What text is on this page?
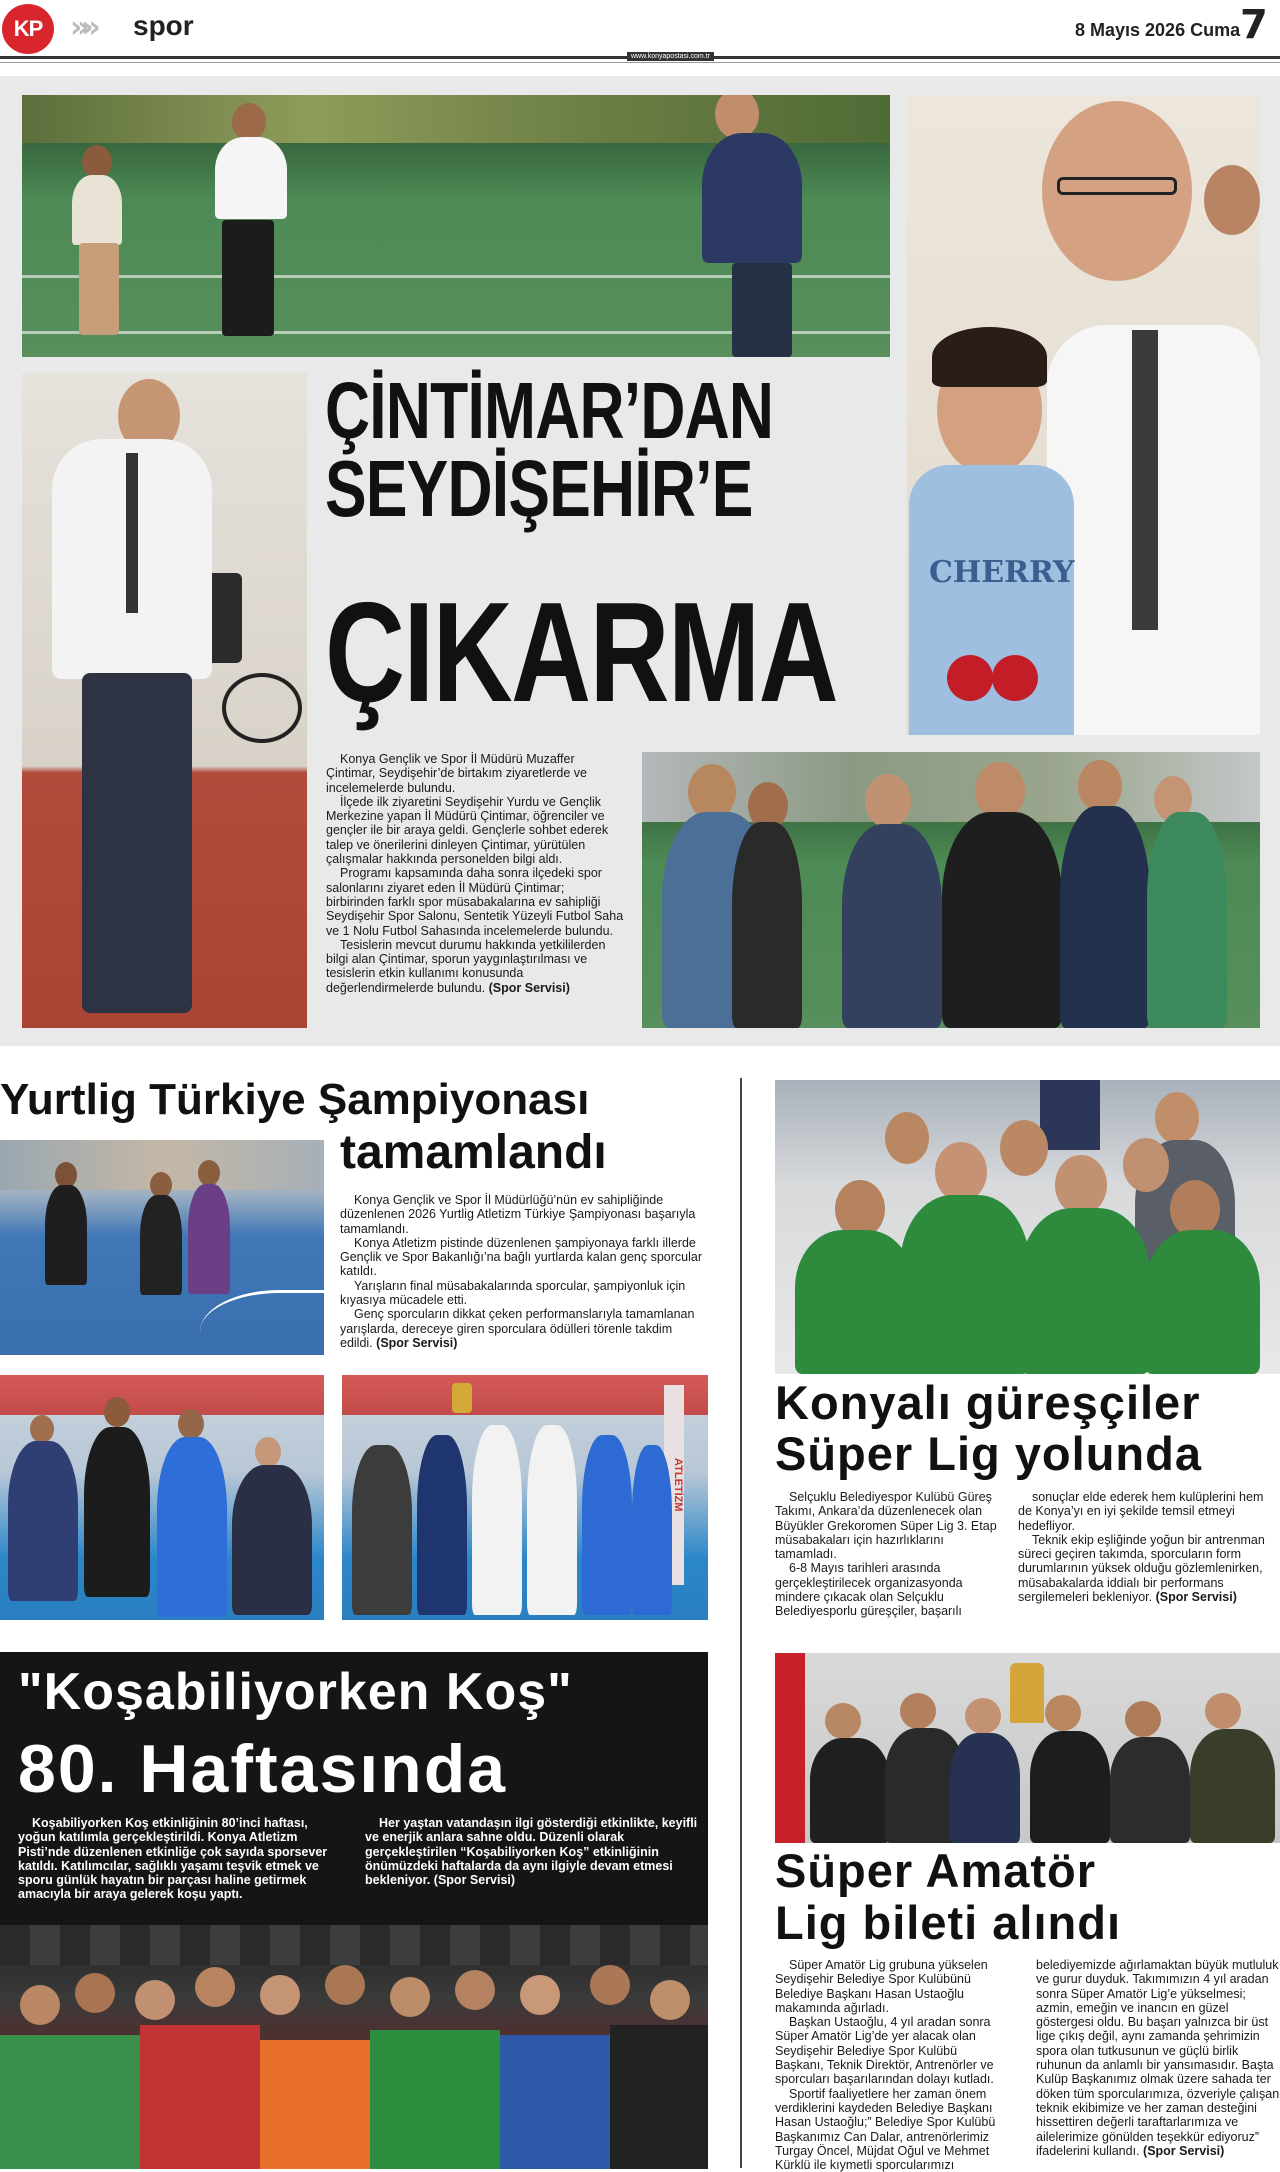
KP »» spor	8 Mayıs 2026 Cuma 7
www.konyapostasi.com.tr
CHERRY
ÇİNTİMAR’DAN
SEYDİŞEHİR’E
ÇIKARMA

Konya Gençlik ve Spor İl Müdürü Muzaffer Çintimar, Seydişehir’de birtakım ziyaretlerde ve incelemelerde bulundu.

İlçede ilk ziyaretini Seydişehir Yurdu ve Gençlik Merkezine yapan İl Müdürü Çintimar, öğrenciler ve gençler ile bir araya geldi. Gençlerle sohbet ederek talep ve önerilerini dinleyen Çintimar, yürütülen çalışmalar hakkında personelden bilgi aldı.

Programı kapsamında daha sonra ilçedeki spor salonlarını ziyaret eden İl Müdürü Çintimar; birbirinden farklı spor müsabakalarına ev sahipliği Seydişehir Spor Salonu, Sentetik Yüzeyli Futbol Saha ve 1 Nolu Futbol Sahasında incelemelerde bulundu.

Tesislerin mevcut durumu hakkında yetkililerden bilgi alan Çintimar, sporun yaygınlaştırılması ve tesislerin etkin kullanımı konusunda değerlendirmelerde bulundu. (Spor Servisi)

Yurtlig Türkiye Şampiyonası
tamamlandı

Konya Gençlik ve Spor İl Müdürlüğü’nün ev sahipliğinde düzenlenen 2026 Yurtlig Atletizm Türkiye Şampiyonası başarıyla tamamlandı.

Konya Atletizm pistinde düzenlenen şampiyonaya farklı illerde Gençlik ve Spor Bakanlığı’na bağlı yurtlarda kalan genç sporcular katıldı.

Yarışların final müsabakalarında sporcular, şampiyonluk için kıyasıya mücadele etti.

Genç sporcuların dikkat çeken performanslarıyla tamamlanan yarışlarda, dereceye giren sporculara ödülleri törenle takdim edildi. (Spor Servisi)

ATLETİZM
Konyalı güreşçiler
Süper Lig yolunda

Selçuklu Belediyespor Kulübü Güreş Takımı, Ankara’da düzenlenecek olan Büyükler Grekoromen Süper Lig 3. Etap müsabakaları için hazırlıklarını tamamladı.

6-8 Mayıs tarihleri arasında gerçekleştirilecek organizasyonda mindere çıkacak olan Selçuklu Belediyesporlu güreşçiler, başarılı

sonuçlar elde ederek hem kulüplerini hem de Konya’yı en iyi şekilde temsil etmeyi hedefliyor.

Teknik ekip eşliğinde yoğun bir antrenman süreci geçiren takımda, sporcuların form durumlarının yüksek olduğu gözlemlenirken, müsabakalarda iddialı bir performans sergilemeleri bekleniyor. (Spor Servisi)

"Koşabiliyorken Koş"
80. Haftasında

Koşabiliyorken Koş etkinliğinin 80’inci haftası, yoğun katılımla gerçekleştirildi. Konya Atletizm Pisti’nde düzenlenen etkinliğe çok sayıda sporsever katıldı. Katılımcılar, sağlıklı yaşamı teşvik etmek ve sporu günlük hayatın bir parçası haline getirmek amacıyla bir araya gelerek koşu yaptı.

Her yaştan vatandaşın ilgi gösterdiği etkinlikte, keyifli ve enerjik anlara sahne oldu. Düzenli olarak gerçekleştirilen “Koşabiliyorken Koş” etkinliğinin önümüzdeki haftalarda da aynı ilgiyle devam etmesi bekleniyor. (Spor Servisi)	Süper Amatör
Lig bileti alındı

Süper Amatör Lig grubuna yükselen Seydişehir Belediye Spor Kulübünü Belediye Başkanı Hasan Ustaoğlu makamında ağırladı.

Başkan Ustaoğlu, 4 yıl aradan sonra Süper Amatör Lig’de yer alacak olan Seydişehir Belediye Spor Kulübü Başkanı, Teknik Direktör, Antrenörler ve sporcuları başarılarından dolayı kutladı.

Sportif faaliyetlere her zaman önem verdiklerini kaydeden Belediye Başkanı Hasan Ustaoğlu;” Belediye Spor Kulübü Başkanımız Can Dalar, antrenörlerimiz Turgay Öncel, Müjdat Oğul ve Mehmet Kürklü ile kıymetli sporcularımızı

belediyemizde ağırlamaktan büyük mutluluk ve gurur duyduk. Takımımızın 4 yıl aradan sonra Süper Amatör Lig’e yükselmesi; azmin, emeğin ve inancın en güzel göstergesi oldu. Bu başarı yalnızca bir üst lige çıkış değil, aynı zamanda şehrimizin spora olan tutkusunun ve güçlü birlik ruhunun da anlamlı bir yansımasıdır. Başta Kulüp Başkanımız olmak üzere sahada ter döken tüm sporcularımıza, özveriyle çalışan teknik ekibimize ve her zaman desteğini hissettiren değerli taraftarlarımıza ve ailelerimize gönülden teşekkür ediyoruz” ifadelerini kullandı. (Spor Servisi)
